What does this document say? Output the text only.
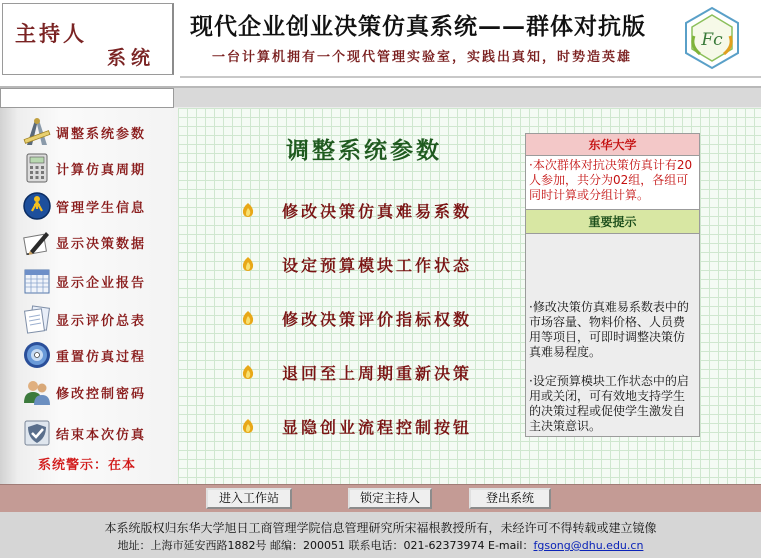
主持人
系统
现代企业创业决策仿真系统——群体对抗版
一台计算机拥有一个现代管理实验室，实践出真知，时势造英雄
Fc
调整系统参数
计算仿真周期
管理学生信息
显示决策数据
显示企业报告
显示评价总表
重置仿真过程
修改控制密码
结束本次仿真
系统警示：在本
调整系统参数
修改决策仿真难易系数
设定预算模块工作状态
修改决策评价指标权数
退回至上周期重新决策
显隐创业流程控制按钮
东华大学
·本次群体对抗决策仿真计有20人参加，共分为02组，各组可同时计算或分组计算。
重要提示

·修改决策仿真难易系数表中的市场容量、物料价格、人员费用等项目，可即时调整决策仿真难易程度。

·设定预算模块工作状态中的启用或关闭，可有效地支持学生的决策过程或促使学生激发自主决策意识。

进入工作站	锁定主持人	登出系统
本系统版权归东华大学旭日工商管理学院信息管理研究所宋福根教授所有，未经许可不得转载或建立镜像
地址：上海市延安西路1882号 邮编：200051 联系电话：021-62373974 E-mail：fgsong@dhu.edu.cn
